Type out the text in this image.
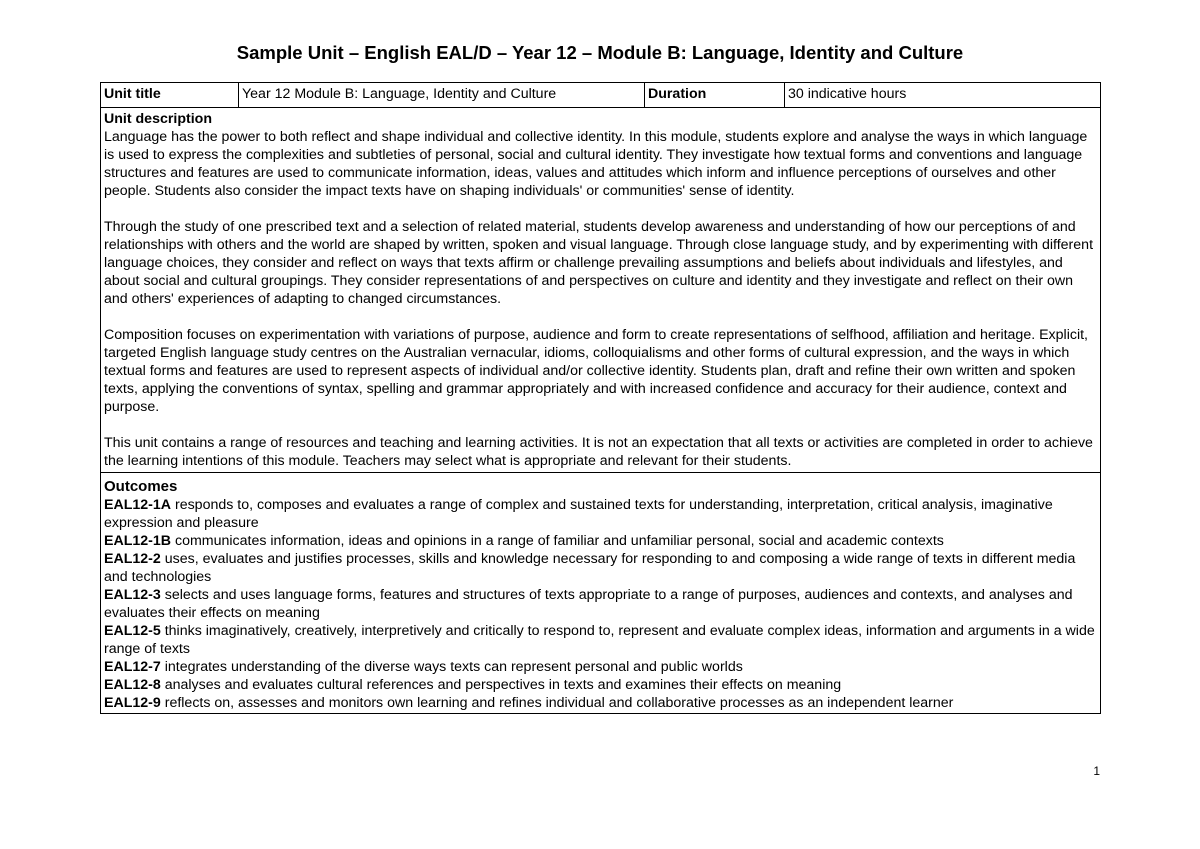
Sample Unit – English EAL/D – Year 12 – Module B: Language, Identity and Culture
Unit title	Year 12 Module B: Language, Identity and Culture	Duration	30 indicative hours

Unit description

Language has the power to both reflect and shape individual and collective identity. In this module, students explore and analyse the ways in which language is used to express the complexities and subtleties of personal, social and cultural identity. They investigate how textual forms and conventions and language structures and features are used to communicate information, ideas, values and attitudes which inform and influence perceptions of ourselves and other people. Students also consider the impact texts have on shaping individuals' or communities' sense of identity.

Through the study of one prescribed text and a selection of related material, students develop awareness and understanding of how our perceptions of and relationships with others and the world are shaped by written, spoken and visual language. Through close language study, and by experimenting with different language choices, they consider and reflect on ways that texts affirm or challenge prevailing assumptions and beliefs about individuals and lifestyles, and about social and cultural groupings. They consider representations of and perspectives on culture and identity and they investigate and reflect on their own and others' experiences of adapting to changed circumstances.

Composition focuses on experimentation with variations of purpose, audience and form to create representations of selfhood, affiliation and heritage. Explicit, targeted English language study centres on the Australian vernacular, idioms, colloquialisms and other forms of cultural expression, and the ways in which textual forms and features are used to represent aspects of individual and/or collective identity. Students plan, draft and refine their own written and spoken texts, applying the conventions of syntax, spelling and grammar appropriately and with increased confidence and accuracy for their audience, context and purpose.

This unit contains a range of resources and teaching and learning activities. It is not an expectation that all texts or activities are completed in order to achieve the learning intentions of this module. Teachers may select what is appropriate and relevant for their students.

Outcomes

EAL12-1A responds to, composes and evaluates a range of complex and sustained texts for understanding, interpretation, critical analysis, imaginative expression and pleasure

EAL12-1B communicates information, ideas and opinions in a range of familiar and unfamiliar personal, social and academic contexts

EAL12-2 uses, evaluates and justifies processes, skills and knowledge necessary for responding to and composing a wide range of texts in different media and technologies

EAL12-3 selects and uses language forms, features and structures of texts appropriate to a range of purposes, audiences and contexts, and analyses and evaluates their effects on meaning

EAL12-5 thinks imaginatively, creatively, interpretively and critically to respond to, represent and evaluate complex ideas, information and arguments in a wide range of texts

EAL12-7 integrates understanding of the diverse ways texts can represent personal and public worlds

EAL12-8 analyses and evaluates cultural references and perspectives in texts and examines their effects on meaning

EAL12-9 reflects on, assesses and monitors own learning and refines individual and collaborative processes as an independent learner

1
